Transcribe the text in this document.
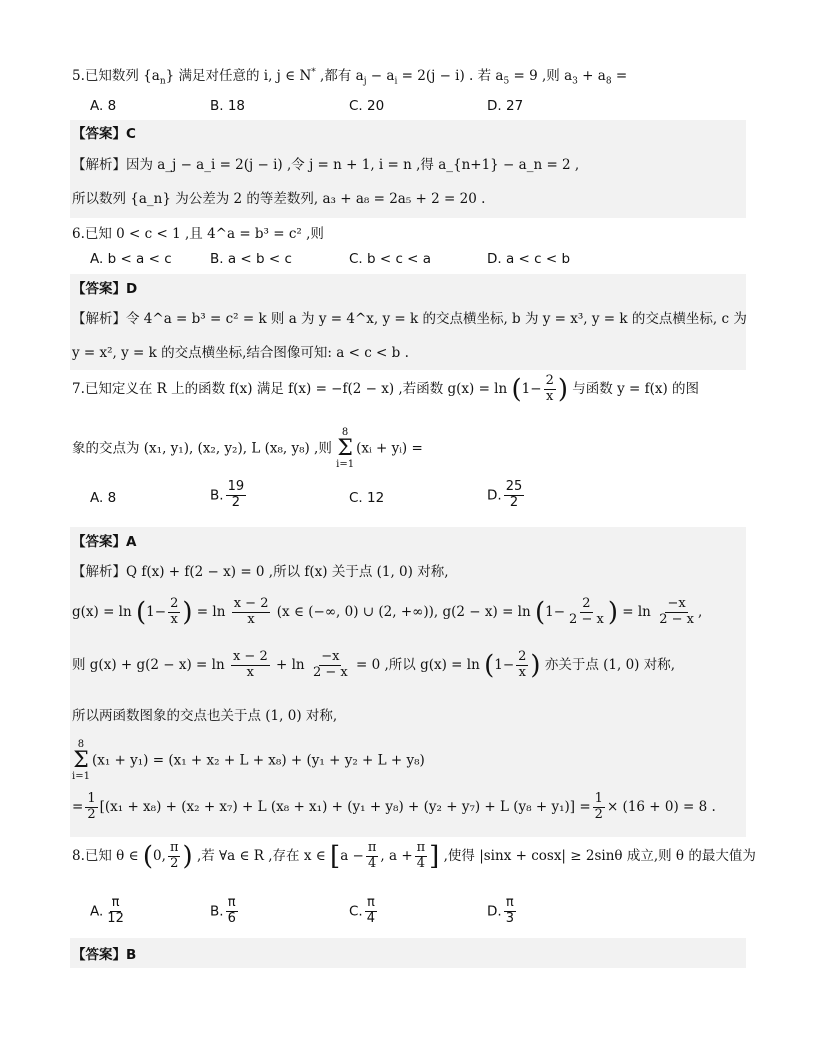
5.已知数列 $\{a_n\}$ 满足对任意的 i, j ∈ N* ,都有 $a_j - a_i = 2(j - i)$ . 若 $a_5 = 9$ ,则 $a_3 + a_8$ =
A. 8	B. 18	C. 20	D. 27
【答案】C
【解析】因为 a_j − a_i = 2(j − i) ,令 j = n + 1, i = n ,得 a_{n+1} − a_n = 2 ,
所以数列 {a_n} 为公差为 2 的等差数列, a₃ + a₈ = 2a₅ + 2 = 20 .
6.已知 0 < c < 1 ,且 4^a = b³ = c² ,则
A. b < a < c	B. a < b < c	C. b < c < a	D. a < c < b
【答案】D
【解析】令 4^a = b³ = c² = k 则 a 为 y = 4^x, y = k 的交点横坐标, b 为 y = x³, y = k 的交点横坐标, c 为
y = x², y = k 的交点横坐标,结合图像可知: a < c < b .
7.已知定义在 R 上的函数 f(x) 满足 f(x) = −f(2 − x) ,若函数 $g(x) = \ln (1- \frac{2}{x}$ ) 与函数 y = f(x) 的图
象的交点为 (x₁, y₁), (x₂, y₂), L (x₈, y₈) ,则
8
Σ
i=1
(xᵢ + yᵢ) =
A. 8	B. $\frac{19}{2}$	C. 12	D. $\frac{25}{2}$
【答案】A
【解析】Q f(x) + f(2 − x) = 0 ,所以 f(x) 关于点 (1, 0) 对称,
$g(x) = \ln (1- \frac{2}{x}$ ) = $\ln \frac{x - 2}{x} (x$ ∈ (−∞, 0) ∪ (2, +∞)), $g(2 - x) = \ln (1- \frac{2}{2 - x}$ ) = $\ln \frac{-x}{2 - x}$ ,
则 $g(x) + g(2 - x) = \ln \frac{x - 2}{x} + \ln \frac{-x}{2 - x} = 0$ ,所以 $g(x) = \ln (1- \frac{2}{x}$ ) 亦关于点 (1, 0) 对称,
所以两函数图象的交点也关于点 (1, 0) 对称,
8
Σ
i=1
(x₁ + y₁) = (x₁ + x₂ + L + x₈) + (y₁ + y₂ + L + y₈)
= $\frac{1}{2} [(x_1 + x_8) + (x_2 + x_7) + L$ (x₈ + x₁) + (y₁ + y₈) + (y₂ + y₇) + L $(y_8 + y_1)] = \frac{1}{2} \times (16 + 0) = 8$ .
8.已知 θ ∈ (0, $\frac{\pi}{2}$ ) ,若 ∀a ∈ R ,存在 x ∈ [$a - \frac{\pi}{4}$ , $a + \frac{\pi}{4}$ ] ,使得 |sinx + cosx| ≥ 2sinθ 成立,则 θ 的最大值为
A. $\frac{\pi}{12}$	B. $\frac{\pi}{6}$	C. $\frac{\pi}{4}$	D. $\frac{\pi}{3}$
【答案】B
